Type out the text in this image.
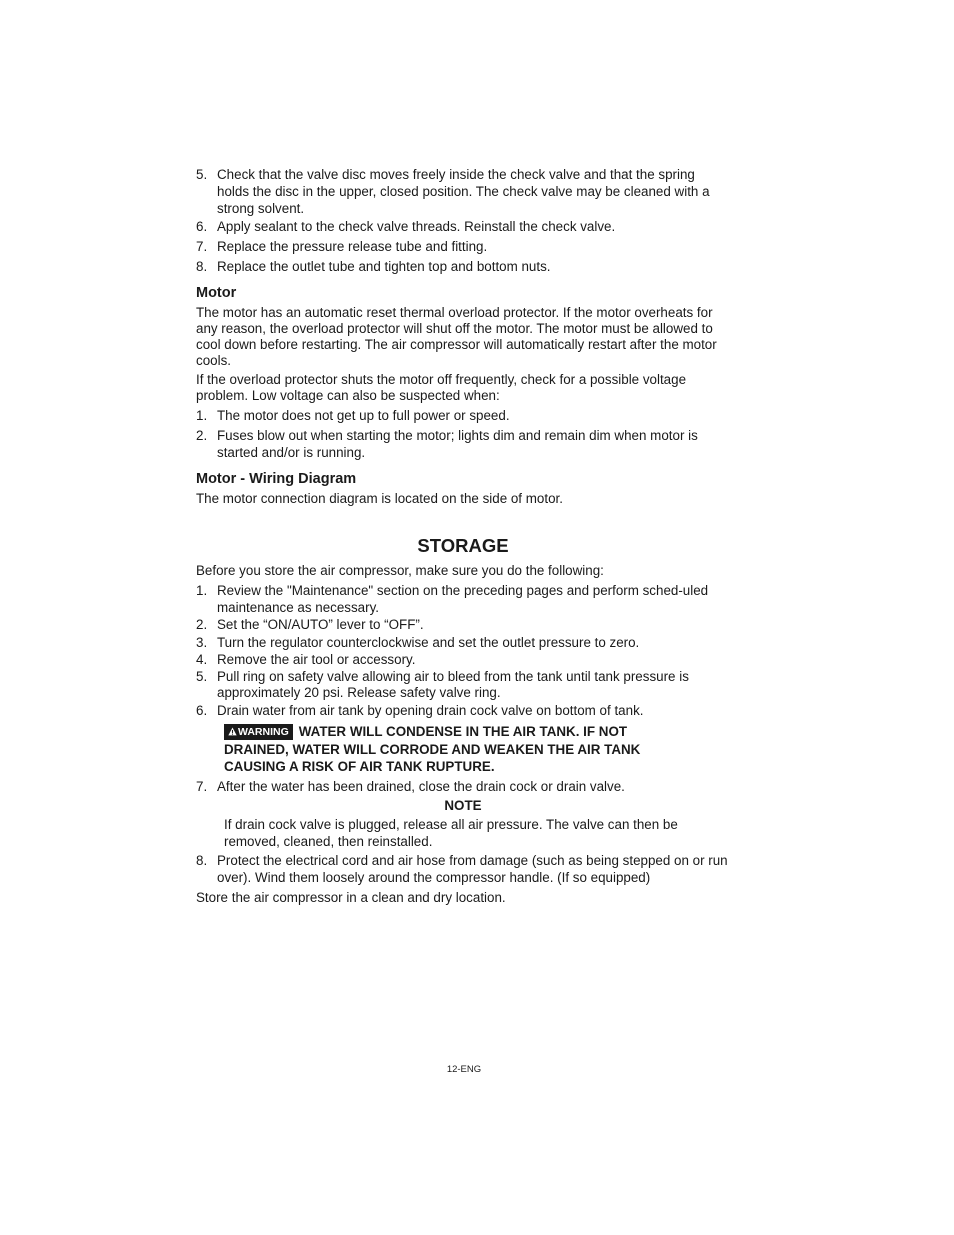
5. Check that the valve disc moves freely inside the check valve and that the spring holds the disc in the upper, closed position. The check valve may be cleaned with a strong solvent.
6. Apply sealant to the check valve threads. Reinstall the check valve.
7. Replace the pressure release tube and fitting.
8. Replace the outlet tube and tighten top and bottom nuts.
Motor

The motor has an automatic reset thermal overload protector. If the motor overheats for any reason, the overload protector will shut off the motor. The motor must be allowed to cool down before restarting. The air compressor will automatically restart after the motor cools.

If the overload protector shuts the motor off frequently, check for a possible voltage problem. Low voltage can also be suspected when:

1. The motor does not get up to full power or speed.
2. Fuses blow out when starting the motor; lights dim and remain dim when motor is started and/or is running.
Motor - Wiring Diagram

The motor connection diagram is located on the side of motor.

STORAGE

Before you store the air compressor, make sure you do the following:

1. Review the "Maintenance" section on the preceding pages and perform sched-uled maintenance as necessary.
2. Set the “ON/AUTO” lever to “OFF”.
3. Turn the regulator counterclockwise and set the outlet pressure to zero.
4. Remove the air tool or accessory.
5. Pull ring on safety valve allowing air to bleed from the tank until tank pressure is approximately 20 psi. Release safety valve ring.
6. Drain water from air tank by opening drain cock valve on bottom of tank.
WARNING WATER WILL CONDENSE IN THE AIR TANK. IF NOT DRAINED, WATER WILL CORRODE AND WEAKEN THE AIR TANK CAUSING A RISK OF AIR TANK RUPTURE.
7. After the water has been drained, close the drain cock or drain valve.
NOTE
If drain cock valve is plugged, release all air pressure. The valve can then be removed, cleaned, then reinstalled.
8. Protect the electrical cord and air hose from damage (such as being stepped on or run over). Wind them loosely around the compressor handle. (If so equipped)

Store the air compressor in a clean and dry location.

12-ENG
